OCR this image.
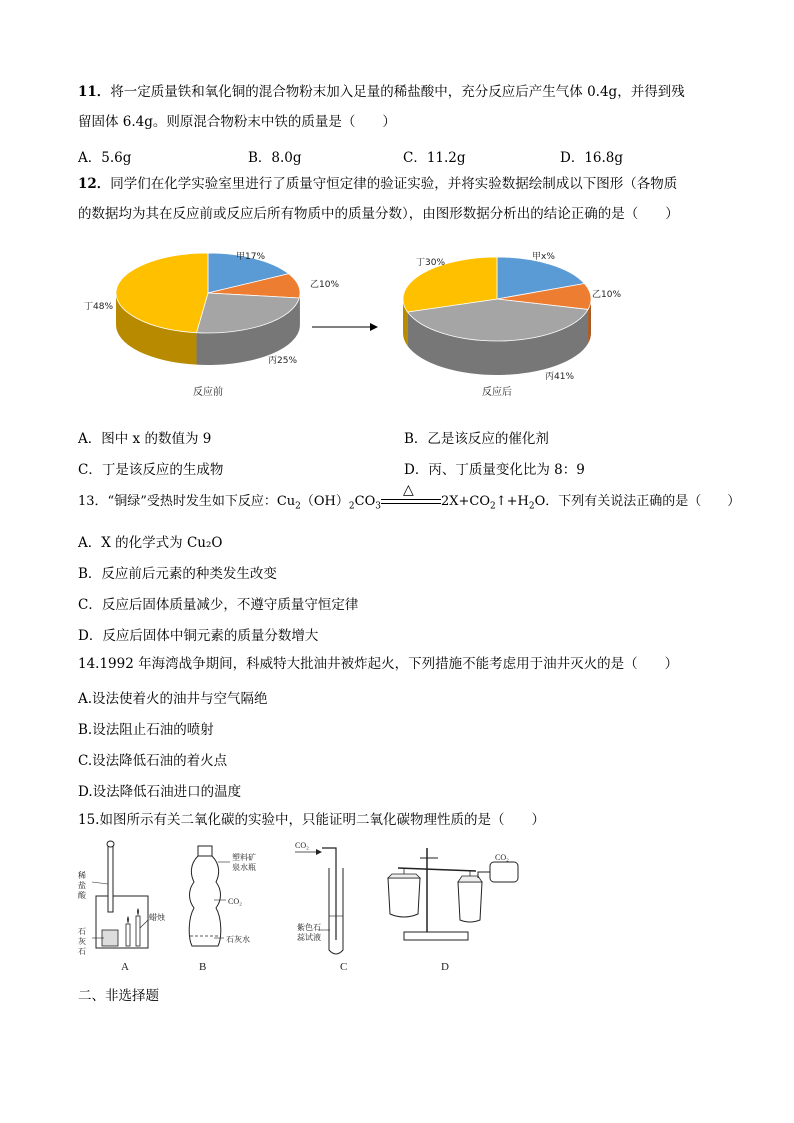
11．将一定质量铁和氧化铜的混合物粉末加入足量的稀盐酸中，充分反应后产生气体 0.4g，并得到残
留固体 6.4g。则原混合物粉末中铁的质量是（　　）
A．5.6g	B．8.0g	C．11.2g	D．16.8g
12．同学们在化学实验室里进行了质量守恒定律的验证实验，并将实验数据绘制成以下图形（各物质
的数据均为其在反应前或反应后所有物质中的质量分数），由图形数据分析出的结论正确的是（　　）
甲17%
乙10%
丙25%
丁48%
反应前
甲x%
乙10%
丙41%
丁30%
反应后
A．图中 x 的数值为 9	B．乙是该反应的催化剂
C．丁是该反应的生成物	D．丙、丁质量变化比为 8：9
13．“铜绿”受热时发生如下反应：$Cu_2(OH)_2CO_3$
△
$2X+CO_2↑+H_2O$．下列有关说法正确的是（　　）
A．X 的化学式为 Cu₂O
B．反应前后元素的种类发生改变
C．反应后固体质量减少，不遵守质量守恒定律
D．反应后固体中铜元素的质量分数增大
14.1992 年海湾战争期间，科威特大批油井被炸起火，下列措施不能考虑用于油井灭火的是（　　）
A.设法使着火的油井与空气隔绝
B.设法阻止石油的喷射
C.设法降低石油的着火点
D.设法降低石油进口的温度
15.如图所示有关二氧化碳的实验中，只能证明二氧化碳物理性质的是（　　）
稀
盐
酸
石
灰
石
蜡烛
塑料矿
泉水瓶
CO₂
石灰水
CO₂
紫色石
蕊试液
CO₂
A	B	C	D
二、非选择题
